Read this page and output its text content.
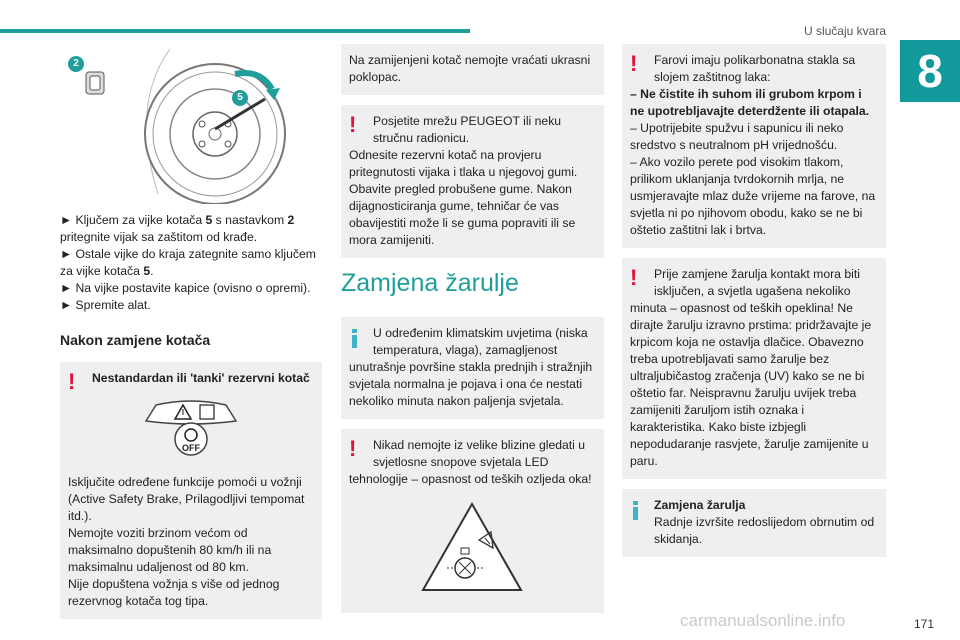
U slučaju kvara
8
2
5

► Ključem za vijke kotača 5 s nastavkom 2 pritegnite vijak sa zaštitom od krađe.

► Ostale vijke do kraja zategnite samo ključem za vijke kotača 5.

► Na vijke postavite kapice (ovisno o opremi).

► Spremite alat.

Nakon zamjene kotača
!	Nestandardan ili 'tanki' rezervni kotač

OFF

Isključite određene funkcije pomoći u vožnji (Active Safety Brake, Prilagodljivi tempomat itd.).

Nemojte voziti brzinom većom od maksimalno dopuštenih 80 km/h ili na maksimalnu udaljenost od 80 km.

Nije dopuštena vožnja s više od jednog rezervnog kotača tog tipa.

Na zamijenjeni kotač nemojte vraćati ukrasni poklopac.

!	Posjetite mrežu PEUGEOT ili neku stručnu radionicu.

Odnesite rezervni kotač na provjeru pritegnutosti vijaka i tlaka u njegovoj gumi. Obavite pregled probušene gume. Nakon dijagnosticiranja gume, tehničar će vas obavijestiti može li se guma popraviti ili se mora zamijeniti.

Zamjena žarulje

U određenim klimatskim uvjetima (niska temperatura, vlaga), zamagljenost

unutrašnje površine stakla prednjih i stražnjih svjetala normalna je pojava i ona će nestati nekoliko minuta nakon paljenja svjetala.

!	Nikad nemojte iz velike blizine gledati u svjetlosne snopove svjetala LED

tehnologije – opasnost od teških ozljeda oka!

!	Farovi imaju polikarbonatna stakla sa slojem zaštitnog laka:

– Ne čistite ih suhom ili grubom krpom i ne upotrebljavajte deterdžente ili otapala.

– Upotrijebite spužvu i sapunicu ili neko sredstvo s neutralnom pH vrijednošću.

– Ako vozilo perete pod visokim tlakom, prilikom uklanjanja tvrdokornih mrlja, ne usmjeravajte mlaz duže vrijeme na farove, na svjetla ni po njihovom obodu, kako se ne bi oštetio zaštitni lak i brtva.

!	Prije zamjene žarulja kontakt mora biti isključen, a svjetla ugašena nekoliko

minuta – opasnost od teških opeklina! Ne dirajte žarulju izravno prstima: pridržavajte je krpicom koja ne ostavlja dlačice. Obavezno treba upotrebljavati samo žarulje bez ultraljubičastog zračenja (UV) kako se ne bi oštetio far. Neispravnu žarulju uvijek treba zamijeniti žaruljom istih oznaka i karakteristika. Kako biste izbjegli nepodudaranje rasvjete, žarulje zamijenite u paru.

Zamjena žarulja

Radnje izvršite redoslijedom obrnutim od skidanja.

carmanualsonline.info	171
